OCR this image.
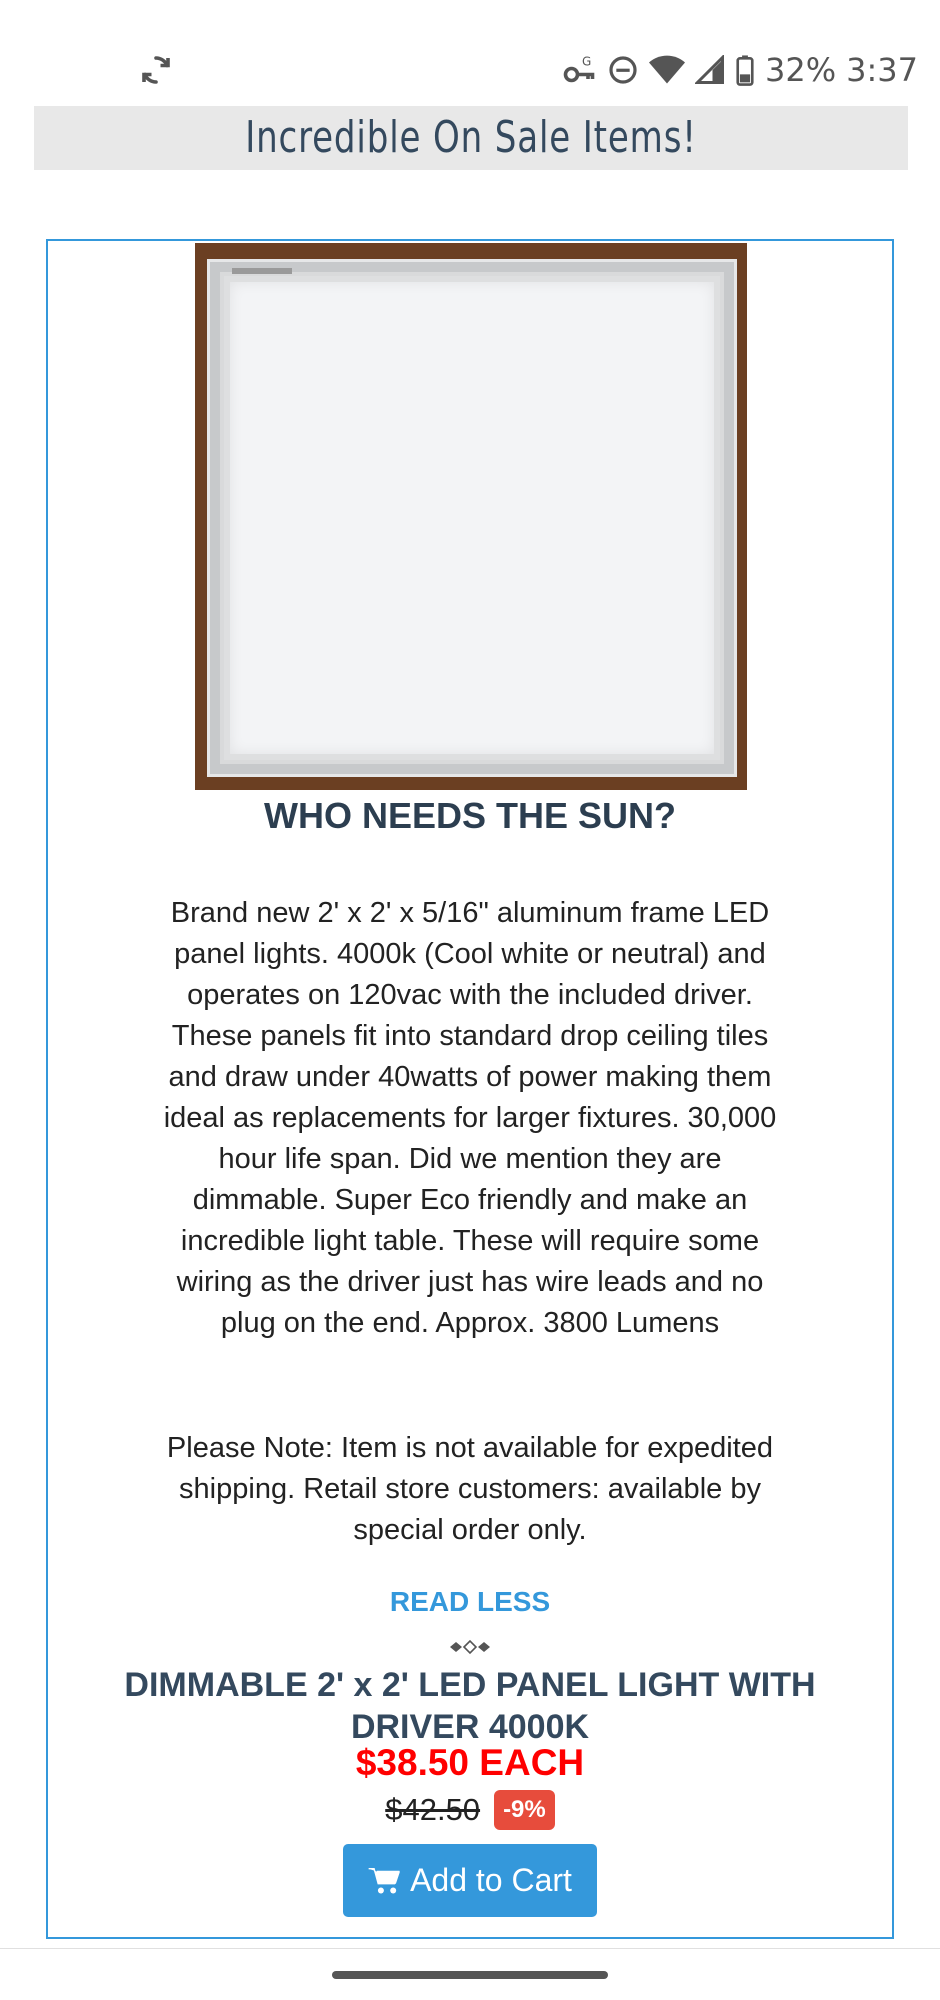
G	32% 3:37
Incredible On Sale Items!
WHO NEEDS THE SUN?
Brand new 2' x 2' x 5/16" aluminum frame LED panel lights. 4000k (Cool white or neutral) and operates on 120vac with the included driver. These panels fit into standard drop ceiling tiles and draw under 40watts of power making them ideal as replacements for larger fixtures. 30,000 hour life span. Did we mention they are dimmable. Super Eco friendly and make an incredible light table. These will require some wiring as the driver just has wire leads and no plug on the end. Approx. 3800 Lumens
Please Note: Item is not available for expedited shipping. Retail store customers: available by special order only.
READ LESS
DIMMABLE 2' x 2' LED PANEL LIGHT WITH DRIVER 4000K
$38.50 EACH
$42.50 -9%
Add to Cart
